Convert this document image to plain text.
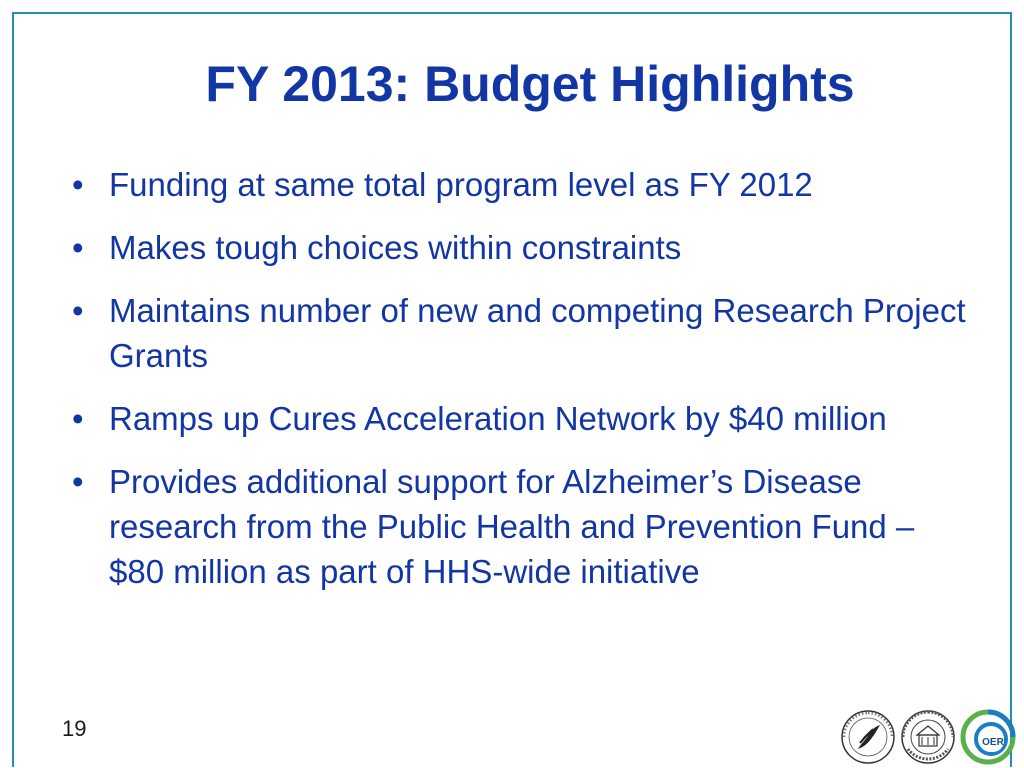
FY 2013: Budget Highlights
• Funding at same total program level as FY 2012
• Makes tough choices within constraints
• Maintains number of new and competing Research Project Grants
• Ramps up Cures Acceleration Network by $40 million
• Provides additional support for Alzheimer’s Disease research from the Public Health and Prevention Fund – $80 million as part of HHS-wide initiative
19
OER
